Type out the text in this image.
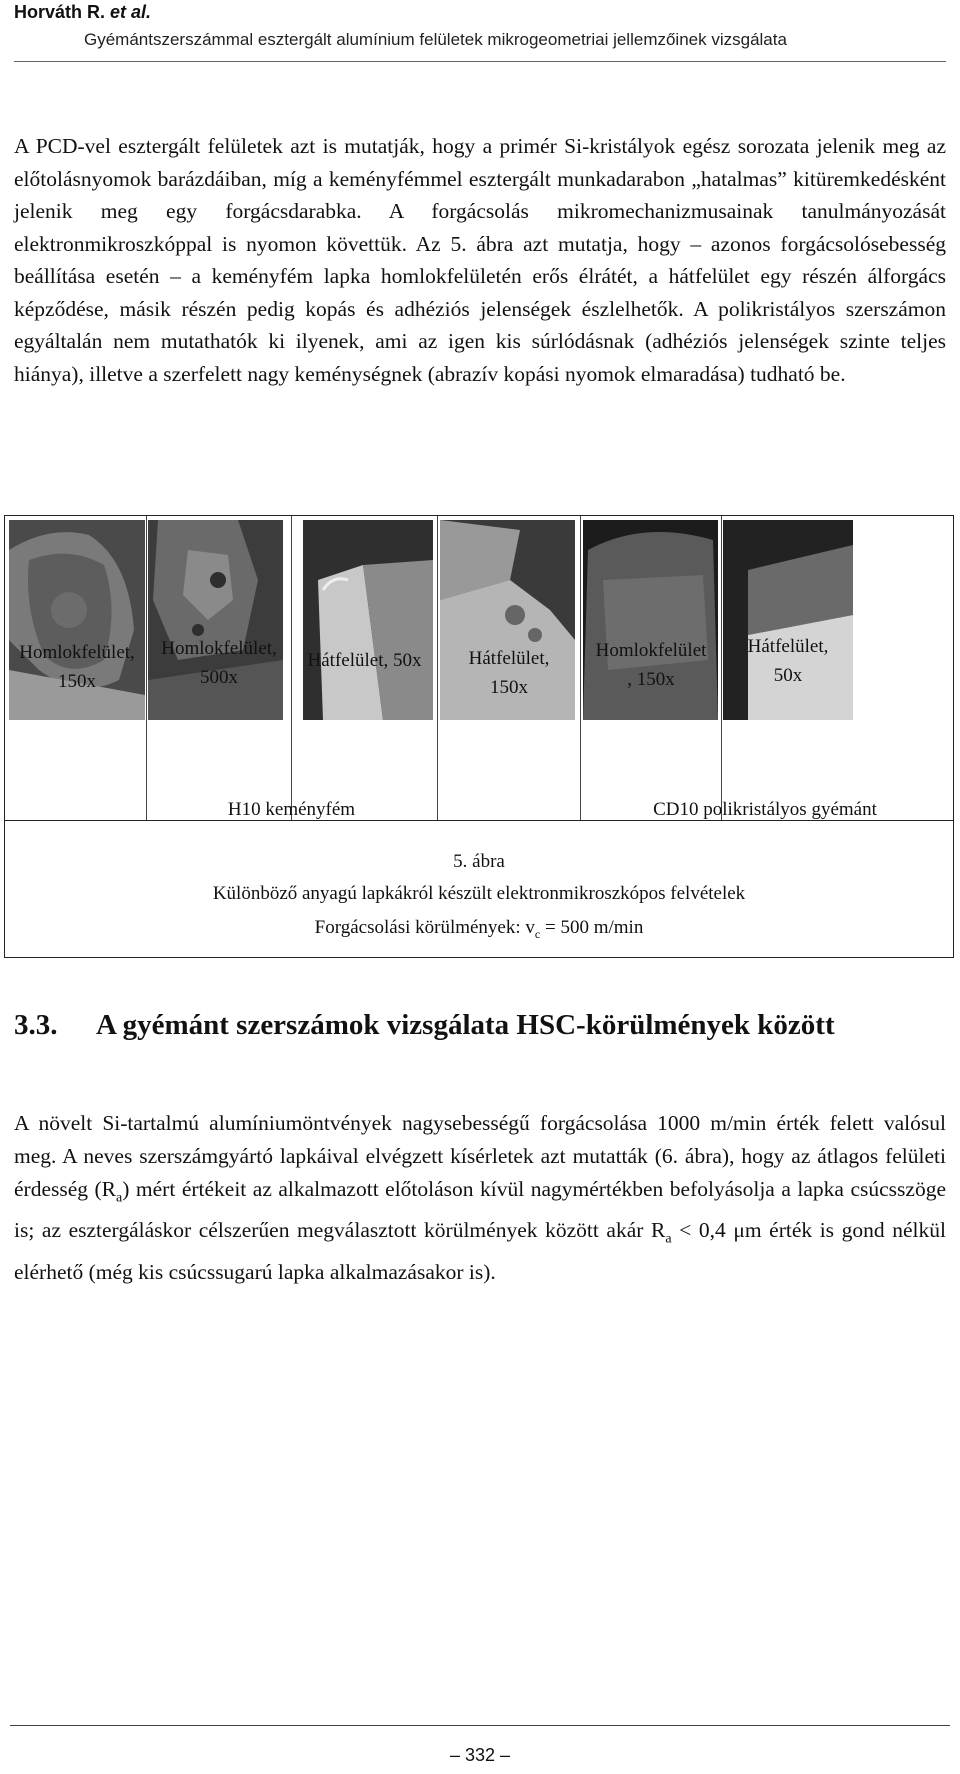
Horváth R. et al.
Gyémántszerszámmal esztergált alumínium felületek mikrogeometriai jellemzőinek vizsgálata
A PCD-vel esztergált felületek azt is mutatják, hogy a primér Si-kristályok egész sorozata jelenik meg az előtolásnyomok barázdáiban, míg a keményfémmel esztergált munkadarabon „hatalmas” kitüremkedésként jelenik meg egy forgácsdarabka. A forgácsolás mikromechanizmusainak tanulmányozását elektronmikroszkóppal is nyomon követtük. Az 5. ábra azt mutatja, hogy – azonos forgácsolósebesség beállítása esetén – a keményfém lapka homlokfelületén erős élrátét, a hátfelület egy részén álforgács képződése, másik részén pedig kopás és adhéziós jelenségek észlelhetők. A polikristályos szerszámon egyáltalán nem mutathatók ki ilyenek, ami az igen kis súrlódásnak (adhéziós jelenségek szinte teljes hiánya), illetve a szerfelett nagy keménységnek (abrazív kopási nyomok elmaradása) tudható be.
Homlokfelület,
150x
Homlokfelület,
500x
Hátfelület, 50x	Hátfelület,
150x
Homlokfelület
, 150x
Hátfelület,
50x
H10 keményfém	CD10 polikristályos gyémánt
5. ábra
Különböző anyagú lapkákról készült elektronmikroszkópos felvételek
Forgácsolási körülmények: $v_c = 500$ m/min
3.3. A gyémánt szerszámok vizsgálata HSC-körülmények között
A növelt Si-tartalmú alumíniumöntvények nagysebességű forgácsolása 1000 m/min érték felett valósul meg. A neves szerszámgyártó lapkáival elvégzett kísérletek azt mutatták (6. ábra), hogy az átlagos felületi érdesség $(R_a)$ mért értékeit az alkalmazott előtoláson kívül nagymértékben befolyásolja a lapka csúcsszöge is; az esztergáláskor célszerűen megválasztott körülmények között akár $R_a < 0,4$ μm érték is gond nélkül elérhető (még kis csúcssugarú lapka alkalmazásakor is).
– 332 –
